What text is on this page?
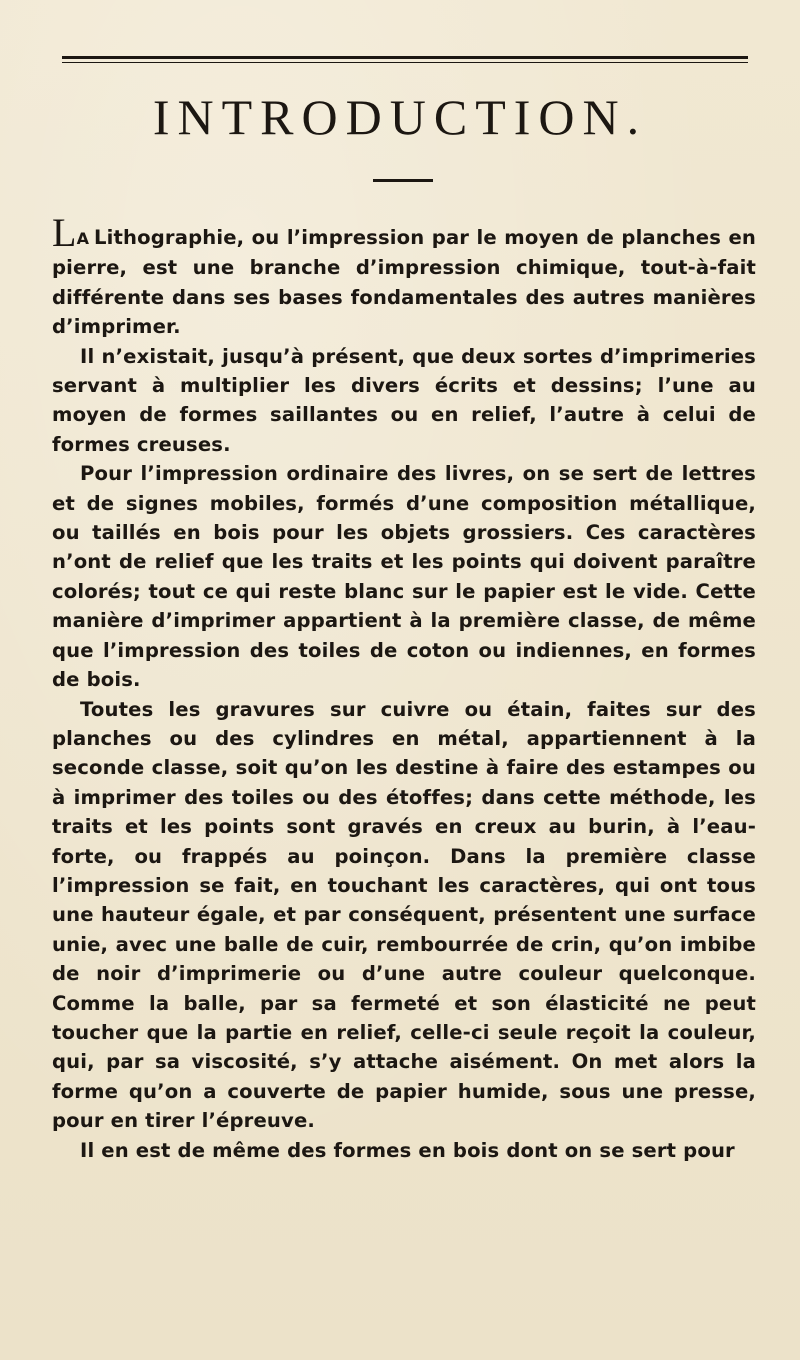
INTRODUCTION.

LA Lithographie, ou l’impression par le moyen de planches en pierre, est une branche d’impression chimique, tout-à-fait différente dans ses bases fondamentales des autres manières d’imprimer.

Il n’existait, jusqu’à présent, que deux sortes d’imprimeries servant à multiplier les divers écrits et dessins; l’une au moyen de formes saillantes ou en relief, l’autre à celui de formes creuses.

Pour l’impression ordinaire des livres, on se sert de lettres et de signes mobiles, formés d’une composition métallique, ou taillés en bois pour les objets grossiers. Ces caractères n’ont de relief que les traits et les points qui doivent paraître colorés; tout ce qui reste blanc sur le papier est le vide. Cette manière d’imprimer appartient à la première classe, de même que l’impression des toiles de coton ou indiennes, en formes de bois.

Toutes les gravures sur cuivre ou étain, faites sur des planches ou des cylindres en métal, appartiennent à la seconde classe, soit qu’on les destine à faire des estampes ou à imprimer des toiles ou des étoffes; dans cette méthode, les traits et les points sont gravés en creux au burin, à l’eau-forte, ou frappés au poinçon. Dans la première classe l’impression se fait, en touchant les caractères, qui ont tous une hauteur égale, et par conséquent, présentent une surface unie, avec une balle de cuir, rembourrée de crin, qu’on imbibe de noir d’imprimerie ou d’une autre couleur quelconque. Comme la balle, par sa fermeté et son élasticité ne peut toucher que la partie en relief, celle-ci seule reçoit la couleur, qui, par sa viscosité, s’y attache aisément. On met alors la forme qu’on a couverte de papier humide, sous une presse, pour en tirer l’épreuve.

Il en est de même des formes en bois dont on se sert pour
